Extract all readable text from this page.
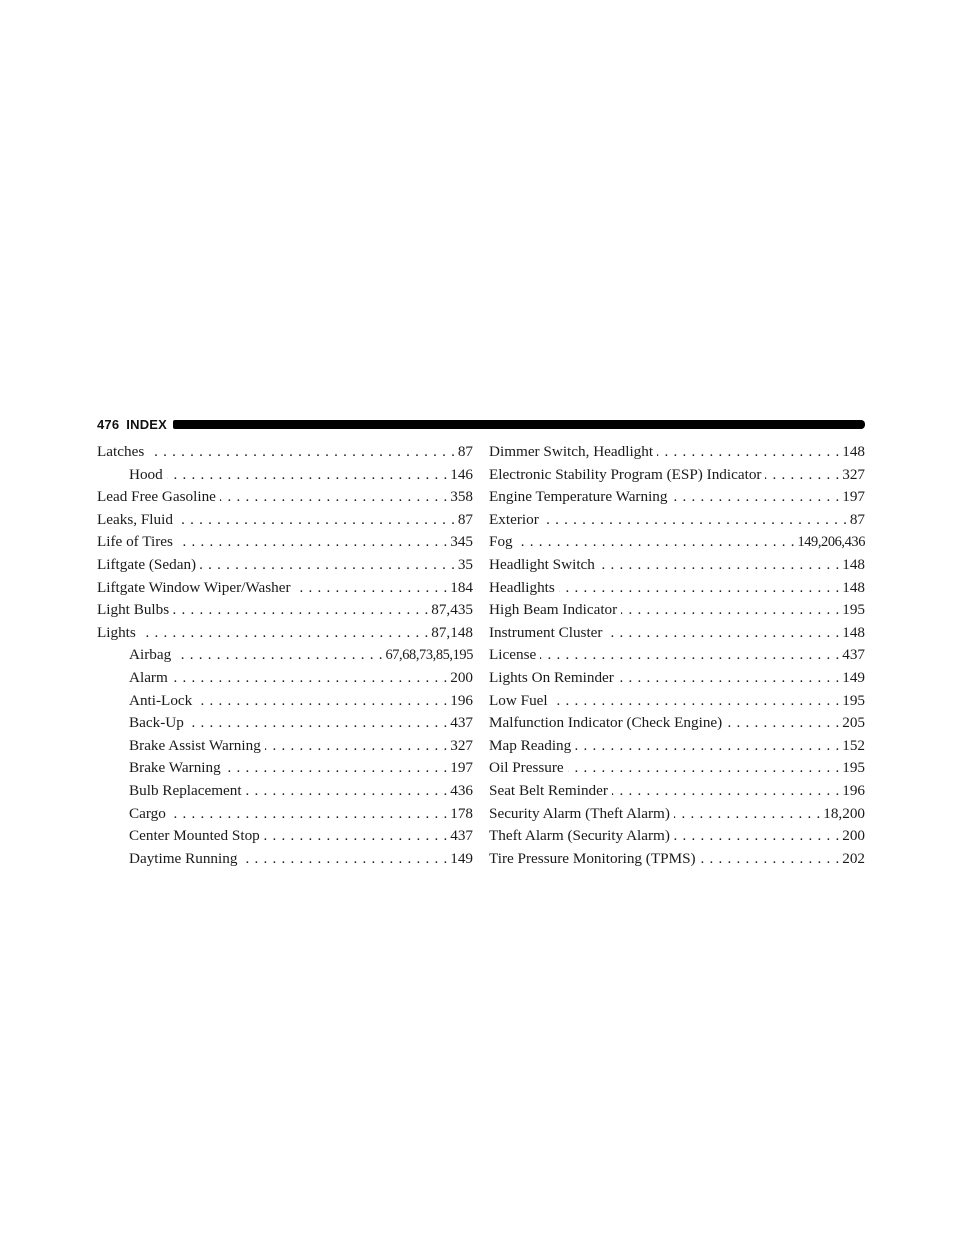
476 INDEX
Latches . . .	87
Hood . . .	146
Lead Free Gasoline . . .	358
Leaks, Fluid . . .	87
Life of Tires . . .	345
Liftgate (Sedan) . . .	35
Liftgate Window Wiper/Washer . . .	184
Light Bulbs . . .	87,435
Lights . . .	87,148
Airbag . . .	67,68,73,85,195
Alarm . . .	200
Anti-Lock . . .	196
Back-Up . . .	437
Brake Assist Warning . . .	327
Brake Warning . . .	197
Bulb Replacement . . .	436
Cargo . . .	178
Center Mounted Stop . . .	437
Daytime Running . . .	149
Dimmer Switch, Headlight . . .	148
Electronic Stability Program (ESP) Indicator . . .	327
Engine Temperature Warning . . .	197
Exterior . . .	87
Fog . . .	149,206,436
Headlight Switch . . .	148
Headlights . . .	148
High Beam Indicator . . .	195
Instrument Cluster . . .	148
License . . .	437
Lights On Reminder . . .	149
Low Fuel . . .	195
Malfunction Indicator (Check Engine) . . .	205
Map Reading . . .	152
Oil Pressure . . .	195
Seat Belt Reminder . . .	196
Security Alarm (Theft Alarm) . . .	18,200
Theft Alarm (Security Alarm) . . .	200
Tire Pressure Monitoring (TPMS) . . .	202
